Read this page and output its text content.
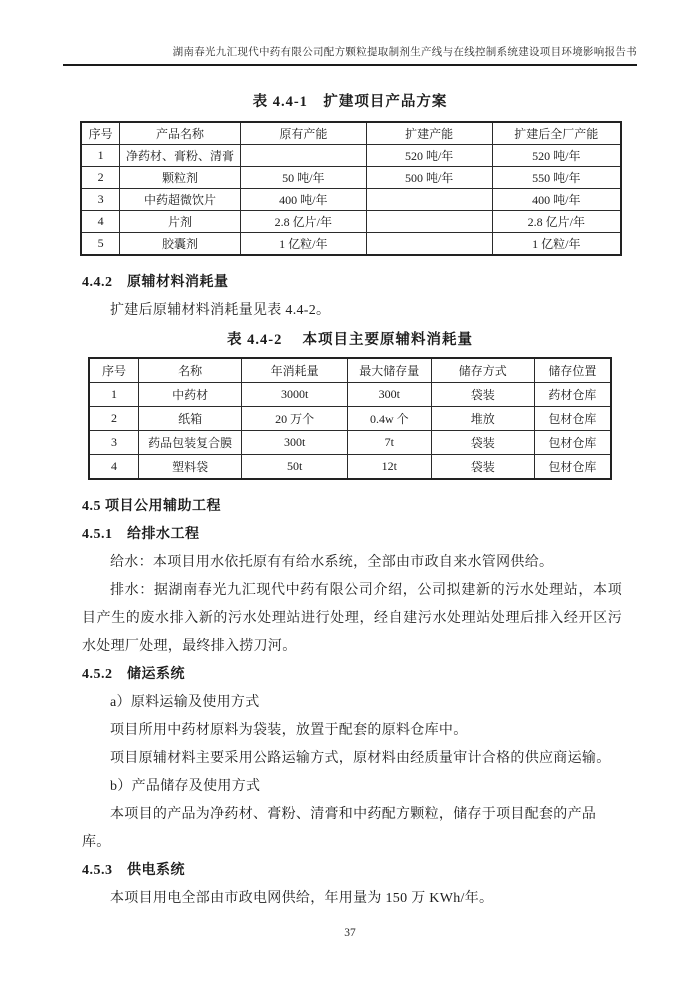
湖南春光九汇现代中药有限公司配方颗粒提取制剂生产线与在线控制系统建设项目环境影响报告书
表 4.4-1　扩建项目产品方案
序号	产品名称	原有产能	扩建产能	扩建后全厂产能
1	净药材、膏粉、清膏		520 吨/年	520 吨/年
2	颗粒剂	50 吨/年	500 吨/年	550 吨/年
3	中药超微饮片	400 吨/年		400 吨/年
4	片剂	2.8 亿片/年		2.8 亿片/年
5	胶囊剂	1 亿粒/年		1 亿粒/年
4.4.2　原辅材料消耗量

扩建后原辅材料消耗量见表 4.4-2。

表 4.4-2　 本项目主要原辅料消耗量
序号	名称	年消耗量	最大储存量	储存方式	储存位置
1	中药材	3000t	300t	袋装	药材仓库
2	纸箱	20 万个	0.4w 个	堆放	包材仓库
3	药品包装复合膜	300t	7t	袋装	包材仓库
4	塑料袋	50t	12t	袋装	包材仓库
4.5 项目公用辅助工程
4.5.1　给排水工程

给水：本项目用水依托原有有给水系统，全部由市政自来水管网供给。

排水：据湖南春光九汇现代中药有限公司介绍，公司拟建新的污水处理站，本项目产生的废水排入新的污水处理站进行处理，经自建污水处理站处理后排入经开区污水处理厂处理，最终排入捞刀河。

4.5.2　储运系统

a）原料运输及使用方式

项目所用中药材原料为袋装，放置于配套的原料仓库中。

项目原辅材料主要采用公路运输方式，原材料由经质量审计合格的供应商运输。

b）产品储存及使用方式

本项目的产品为净药材、膏粉、清膏和中药配方颗粒，储存于项目配套的产品库。

4.5.3　供电系统

本项目用电全部由市政电网供给，年用量为 150 万 KWh/年。

37
